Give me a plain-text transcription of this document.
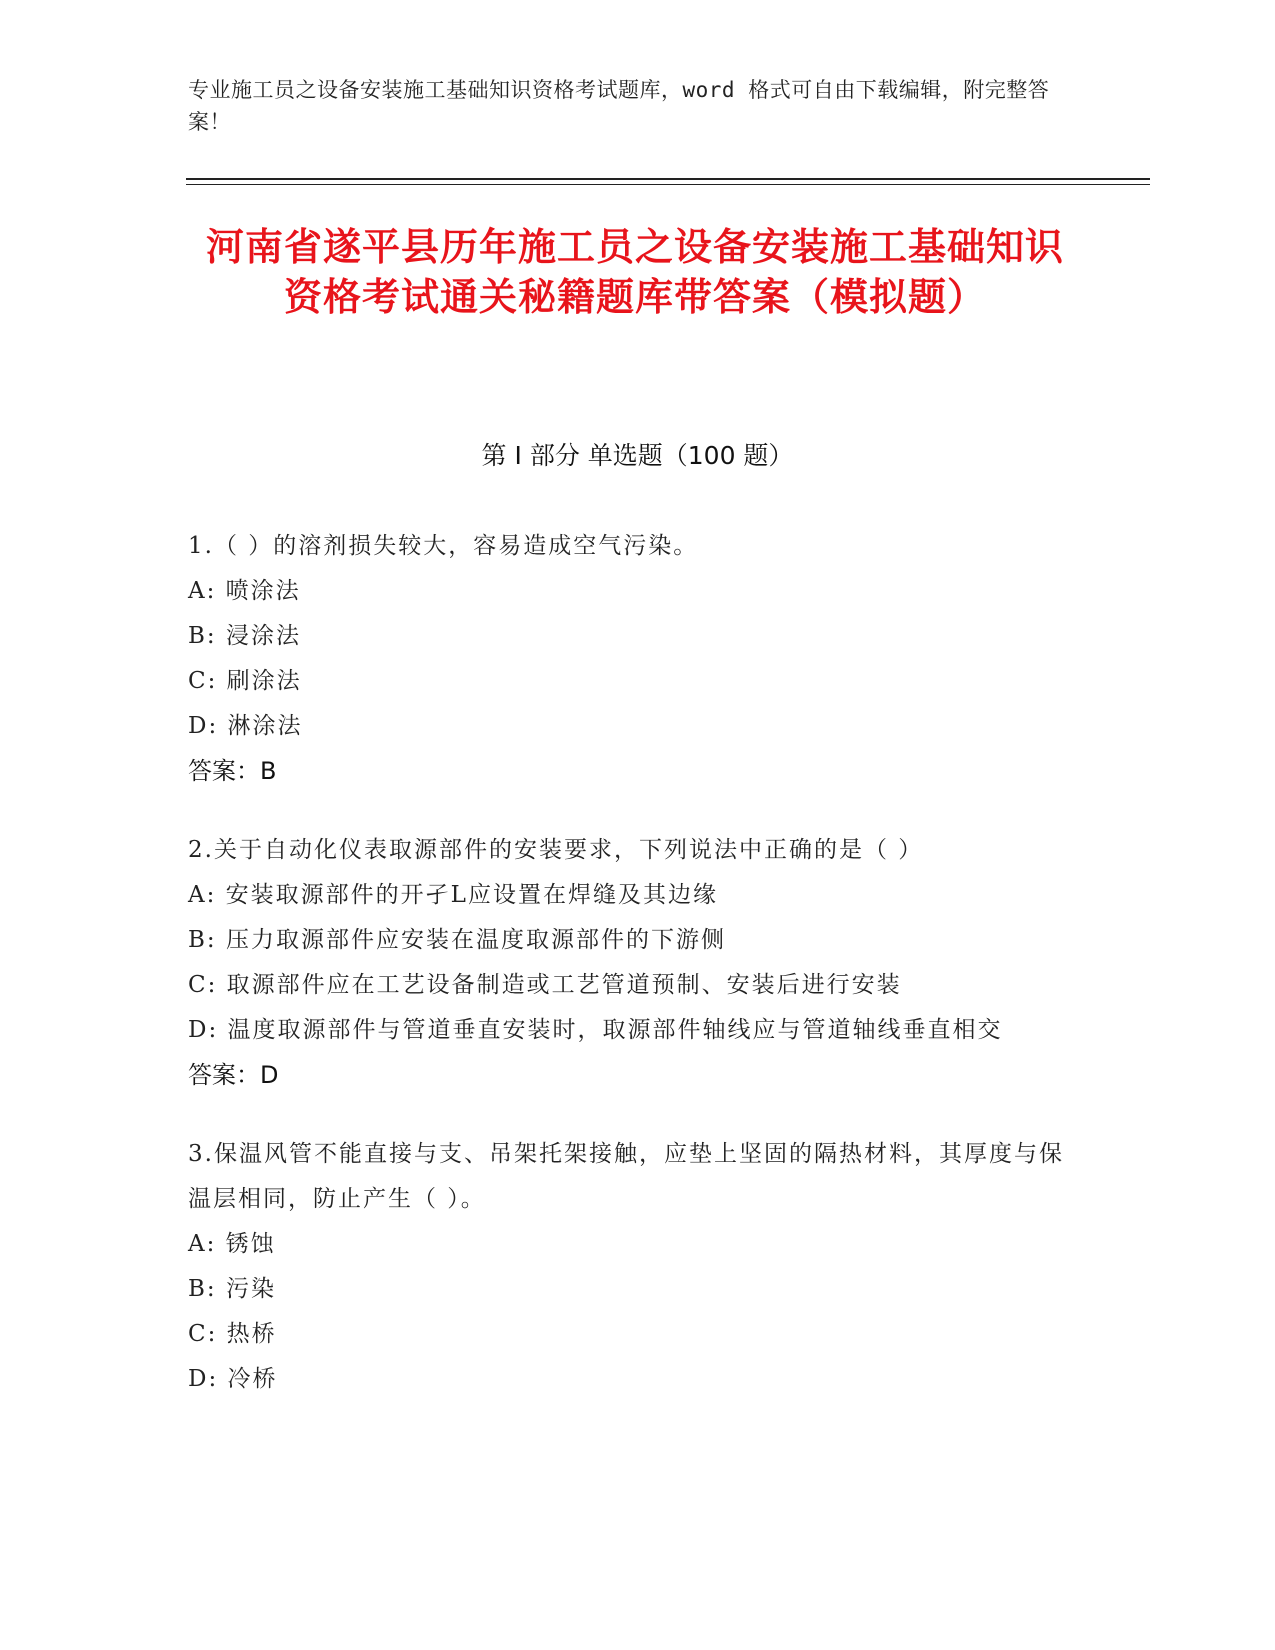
专业施工员之设备安装施工基础知识资格考试题库，word 格式可自由下载编辑，附完整答案！
河南省遂平县历年施工员之设备安装施工基础知识资格考试通关秘籍题库带答案（模拟题）
第 I 部分 单选题（100 题）
1.（ ）的溶剂损失较大，容易造成空气污染。
A: 喷涂法
B: 浸涂法
C: 刷涂法
D: 淋涂法
答案：B
2.关于自动化仪表取源部件的安装要求，下列说法中正确的是（ ）
A: 安装取源部件的开孑L应设置在焊缝及其边缘
B: 压力取源部件应安装在温度取源部件的下游侧
C: 取源部件应在工艺设备制造或工艺管道预制、安装后进行安装
D: 温度取源部件与管道垂直安装时，取源部件轴线应与管道轴线垂直相交
答案：D
3.保温风管不能直接与支、吊架托架接触，应垫上坚固的隔热材料，其厚度与保温层相同，防止产生（ ）。
A: 锈蚀
B: 污染
C: 热桥
D: 冷桥
